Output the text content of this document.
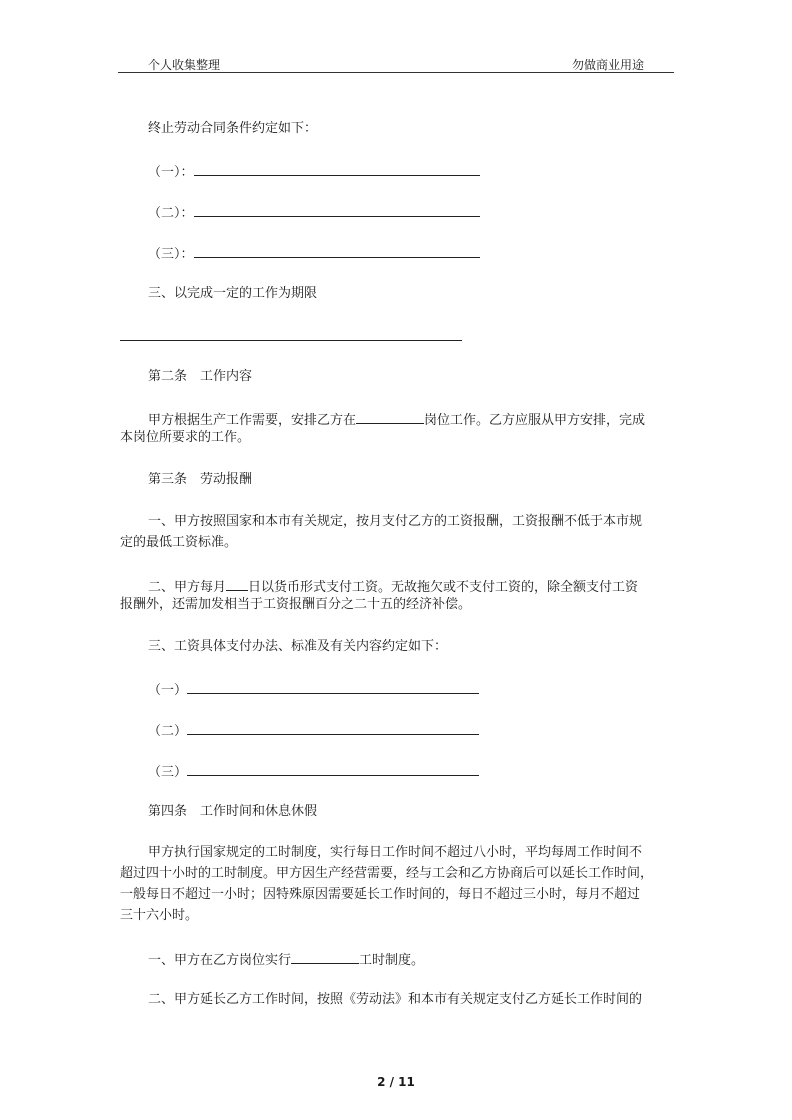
个人收集整理	勿做商业用途
终止劳动合同条件约定如下：
（一）：
（二）：
（三）：
三、以完成一定的工作为期限
第二条　工作内容
甲方根据生产工作需要，安排乙方在	岗位工作。乙方应服从甲方安排，完成
本岗位所要求的工作。
第三条　劳动报酬
一、甲方按照国家和本市有关规定，按月支付乙方的工资报酬，工资报酬不低于本市规
定的最低工资标准。
二、甲方每月 日以货币形式支付工资。无故拖欠或不支付工资的，除全额支付工资
报酬外，还需加发相当于工资报酬百分之二十五的经济补偿。
三、工资具体支付办法、标准及有关内容约定如下：
（一）
（二）
（三）
第四条　工作时间和休息休假
甲方执行国家规定的工时制度，实行每日工作时间不超过八小时，平均每周工作时间不
超过四十小时的工时制度。甲方因生产经营需要，经与工会和乙方协商后可以延长工作时间，
一般每日不超过一小时；因特殊原因需要延长工作时间的，每日不超过三小时，每月不超过
三十六小时。
一、甲方在乙方岗位实行	工时制度。
二、甲方延长乙方工作时间，按照《劳动法》和本市有关规定支付乙方延长工作时间的
2 / 11
